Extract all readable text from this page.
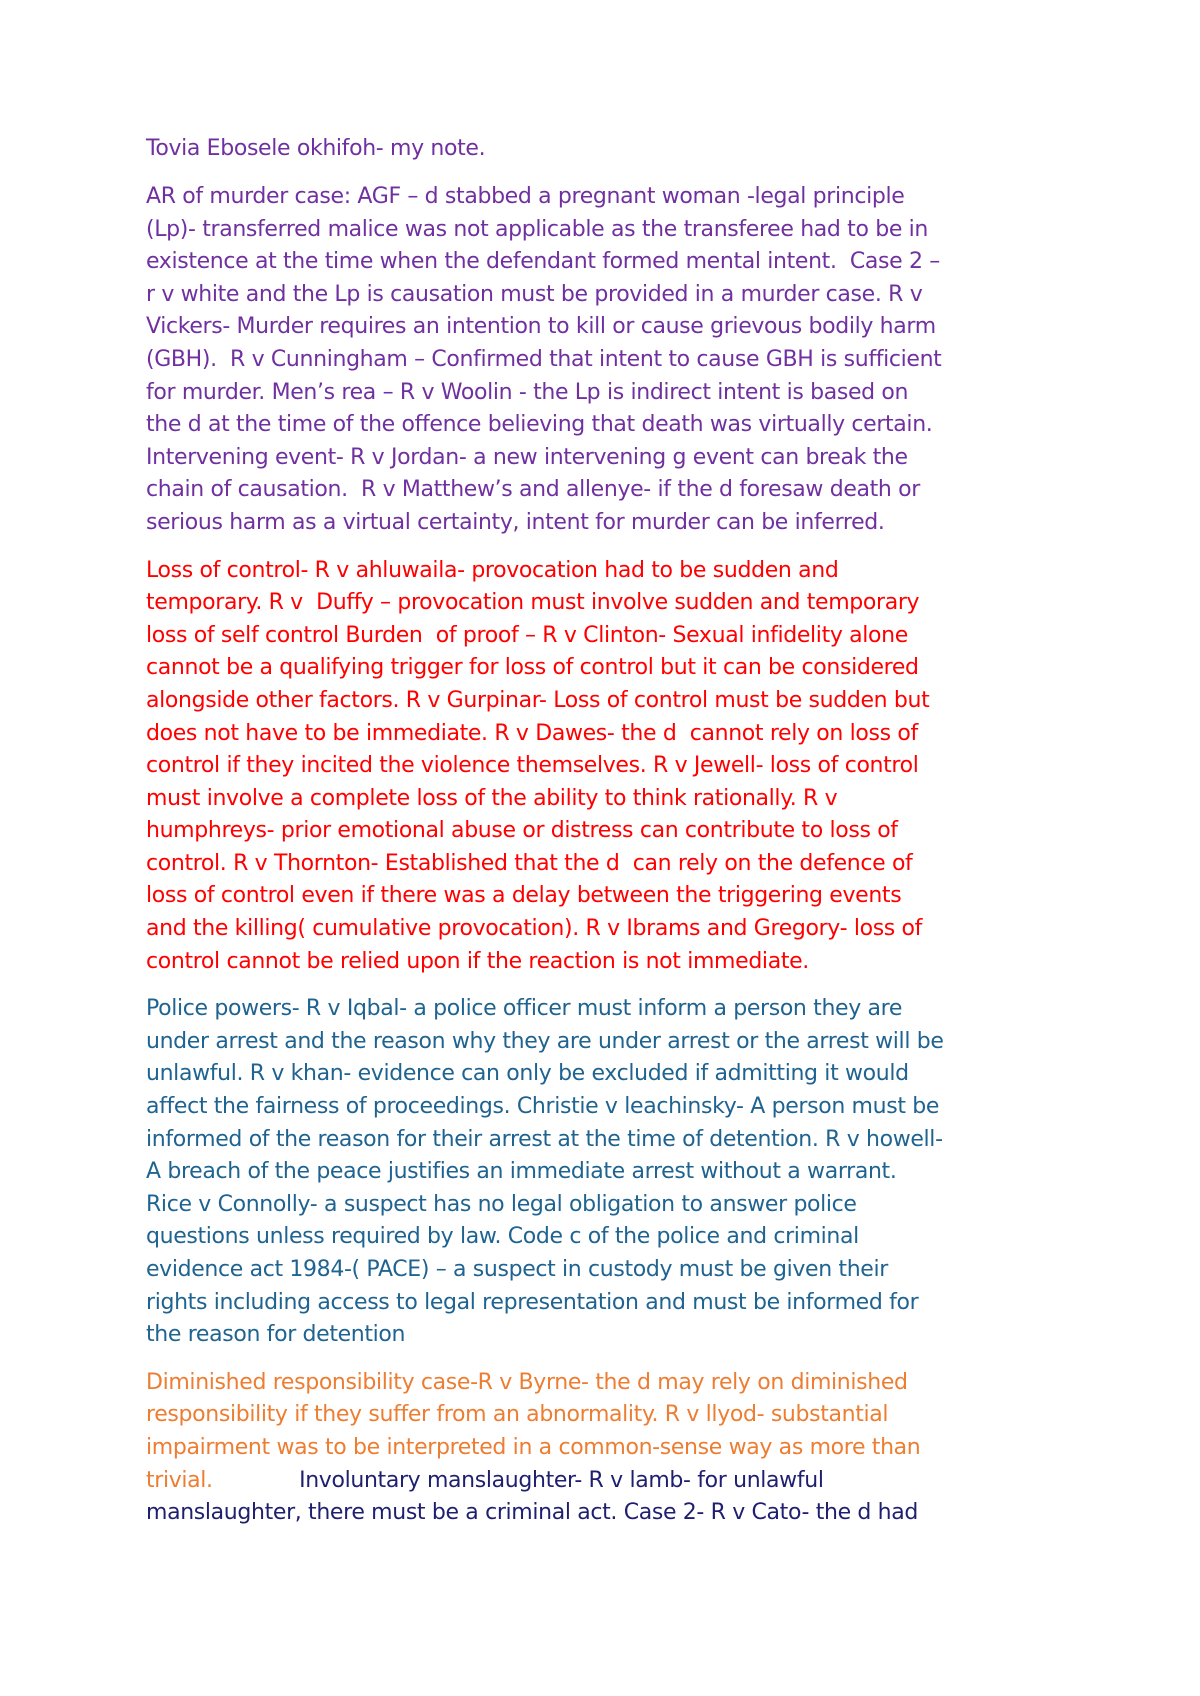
Tovia Ebosele okhifoh- my note.
AR of murder case: AGF – d stabbed a pregnant woman -legal principle
(Lp)- transferred malice was not applicable as the transferee had to be in
existence at the time when the defendant formed mental intent.  Case 2 –
r v white and the Lp is causation must be provided in a murder case. R v
Vickers- Murder requires an intention to kill or cause grievous bodily harm
(GBH).  R v Cunningham – Confirmed that intent to cause GBH is sufficient
for murder. Men’s rea – R v Woolin - the Lp is indirect intent is based on
the d at the time of the offence believing that death was virtually certain.
Intervening event- R v Jordan- a new intervening g event can break the
chain of causation.  R v Matthew’s and allenye- if the d foresaw death or
serious harm as a virtual certainty, intent for murder can be inferred.
Loss of control- R v ahluwaila- provocation had to be sudden and
temporary. R v  Duffy – provocation must involve sudden and temporary
loss of self control Burden  of proof – R v Clinton- Sexual infidelity alone
cannot be a qualifying trigger for loss of control but it can be considered
alongside other factors. R v Gurpinar- Loss of control must be sudden but
does not have to be immediate. R v Dawes- the d  cannot rely on loss of
control if they incited the violence themselves. R v Jewell- loss of control
must involve a complete loss of the ability to think rationally. R v
humphreys- prior emotional abuse or distress can contribute to loss of
control. R v Thornton- Established that the d  can rely on the defence of
loss of control even if there was a delay between the triggering events
and the killing( cumulative provocation). R v Ibrams and Gregory- loss of
control cannot be relied upon if the reaction is not immediate.
Police powers- R v Iqbal- a police officer must inform a person they are
under arrest and the reason why they are under arrest or the arrest will be
unlawful. R v khan- evidence can only be excluded if admitting it would
affect the fairness of proceedings. Christie v leachinsky- A person must be
informed of the reason for their arrest at the time of detention. R v howell-
A breach of the peace justifies an immediate arrest without a warrant.
Rice v Connolly- a suspect has no legal obligation to answer police
questions unless required by law. Code c of the police and criminal
evidence act 1984-( PACE) – a suspect in custody must be given their
rights including access to legal representation and must be informed for
the reason for detention
Diminished responsibility case-R v Byrne- the d may rely on diminished
responsibility if they suffer from an abnormality. R v llyod- substantial
impairment was to be interpreted in a common-sense way as more than
trivial.             Involuntary manslaughter- R v lamb- for unlawful
manslaughter, there must be a criminal act. Case 2- R v Cato- the d had
